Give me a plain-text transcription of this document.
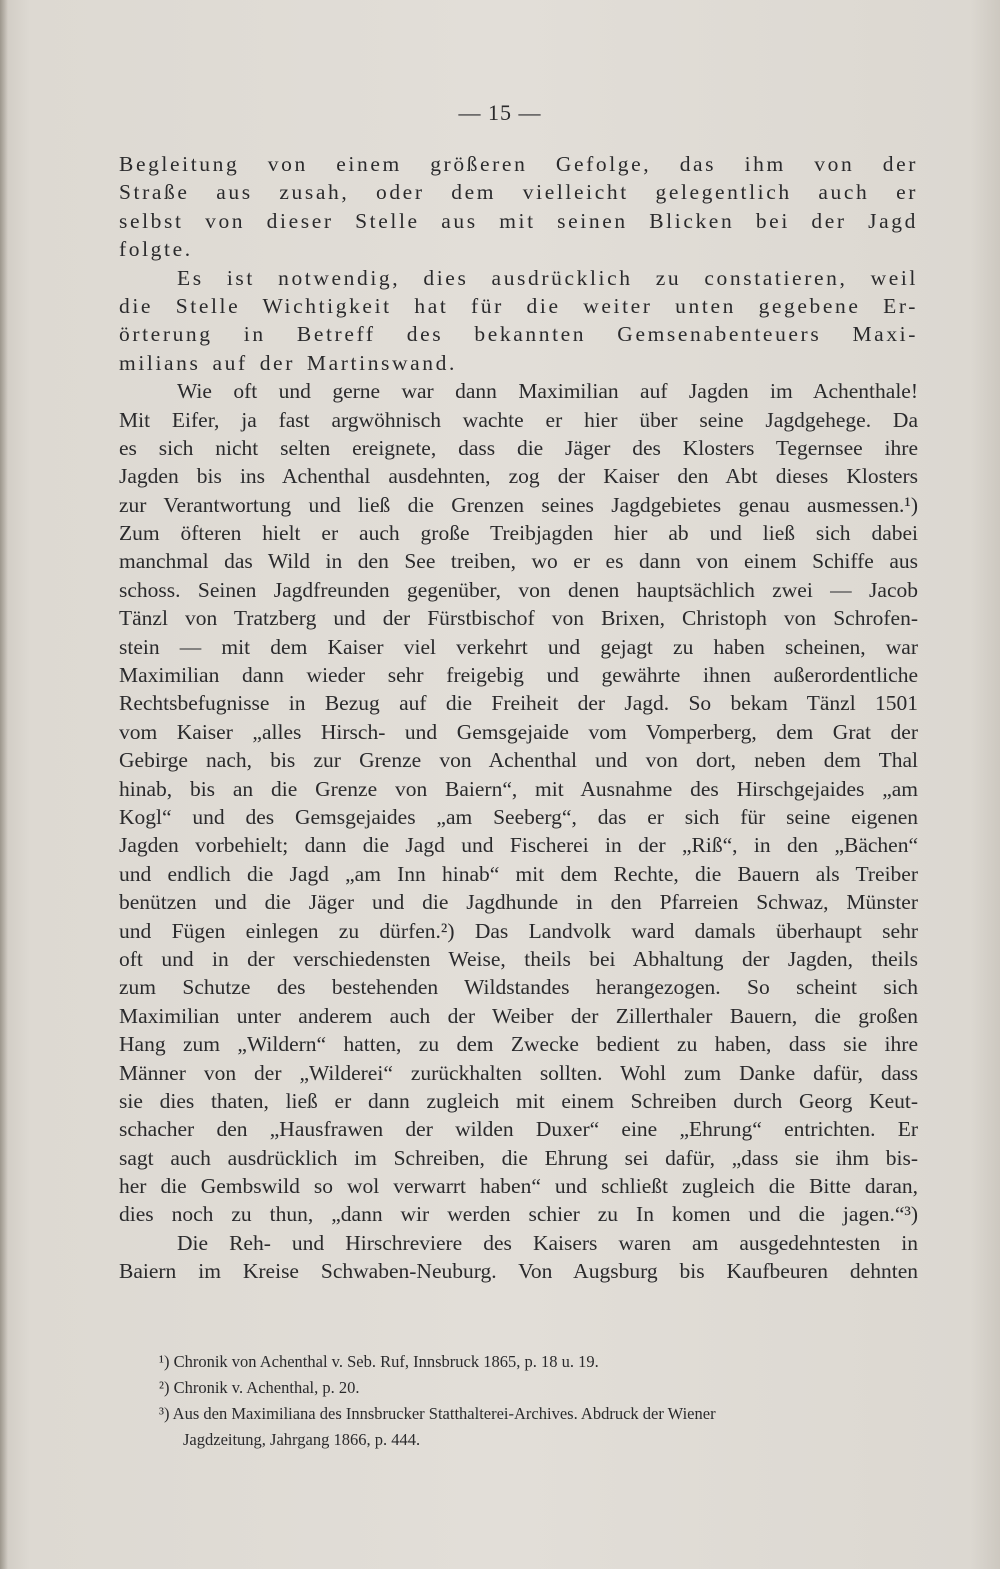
— 15 —
Begleitung von einem größeren Gefolge, das ihm von der
Straße aus zusah, oder dem vielleicht gelegentlich auch er
selbst von dieser Stelle aus mit seinen Blicken bei der Jagd
folgte.
Es ist notwendig, dies ausdrücklich zu constatieren, weil
die Stelle Wichtigkeit hat für die weiter unten gegebene Er-
örterung in Betreff des bekannten Gemsenabenteuers Maxi-
milians auf der Martinswand.
Wie oft und gerne war dann Maximilian auf Jagden im Achenthale!
Mit Eifer, ja fast argwöhnisch wachte er hier über seine Jagdgehege. Da
es sich nicht selten ereignete, dass die Jäger des Klosters Tegernsee ihre
Jagden bis ins Achenthal ausdehnten, zog der Kaiser den Abt dieses Klosters
zur Verantwortung und ließ die Grenzen seines Jagdgebietes genau ausmessen.¹)
Zum öfteren hielt er auch große Treibjagden hier ab und ließ sich dabei
manchmal das Wild in den See treiben, wo er es dann von einem Schiffe aus
schoss. Seinen Jagdfreunden gegenüber, von denen hauptsächlich zwei — Jacob
Tänzl von Tratzberg und der Fürstbischof von Brixen, Christoph von Schrofen-
stein — mit dem Kaiser viel verkehrt und gejagt zu haben scheinen, war
Maximilian dann wieder sehr freigebig und gewährte ihnen außerordentliche
Rechtsbefugnisse in Bezug auf die Freiheit der Jagd. So bekam Tänzl 1501
vom Kaiser „alles Hirsch- und Gemsgejaide vom Vomperberg, dem Grat der
Gebirge nach, bis zur Grenze von Achenthal und von dort, neben dem Thal
hinab, bis an die Grenze von Baiern“, mit Ausnahme des Hirschgejaides „am
Kogl“ und des Gemsgejaides „am Seeberg“, das er sich für seine eigenen
Jagden vorbehielt; dann die Jagd und Fischerei in der „Riß“, in den „Bächen“
und endlich die Jagd „am Inn hinab“ mit dem Rechte, die Bauern als Treiber
benützen und die Jäger und die Jagdhunde in den Pfarreien Schwaz, Münster
und Fügen einlegen zu dürfen.²) Das Landvolk ward damals überhaupt sehr
oft und in der verschiedensten Weise, theils bei Abhaltung der Jagden, theils
zum Schutze des bestehenden Wildstandes herangezogen. So scheint sich
Maximilian unter anderem auch der Weiber der Zillerthaler Bauern, die großen
Hang zum „Wildern“ hatten, zu dem Zwecke bedient zu haben, dass sie ihre
Männer von der „Wilderei“ zurückhalten sollten. Wohl zum Danke dafür, dass
sie dies thaten, ließ er dann zugleich mit einem Schreiben durch Georg Keut-
schacher den „Hausfrawen der wilden Duxer“ eine „Ehrung“ entrichten. Er
sagt auch ausdrücklich im Schreiben, die Ehrung sei dafür, „dass sie ihm bis-
her die Gembswild so wol verwarrt haben“ und schließt zugleich die Bitte daran,
dies noch zu thun, „dann wir werden schier zu In komen und die jagen.“³)
Die Reh- und Hirschreviere des Kaisers waren am ausgedehntesten in
Baiern im Kreise Schwaben-Neuburg. Von Augsburg bis Kaufbeuren dehnten
¹) Chronik von Achenthal v. Seb. Ruf, Innsbruck 1865, p. 18 u. 19.
²) Chronik v. Achenthal, p. 20.
³) Aus den Maximiliana des Innsbrucker Statthalterei-Archives. Abdruck der Wiener
Jagdzeitung, Jahrgang 1866, p. 444.
